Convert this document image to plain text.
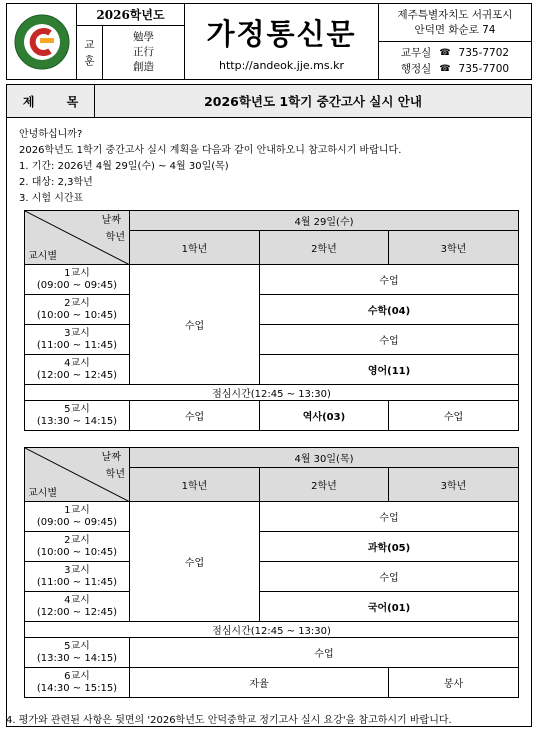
2026학년도
교
훈
勉學
正行
創造
가정통신문
http://andeok.jje.ms.kr
제주특별자치도 서귀포시
안덕면 화순로 74
교무실 ☎ 735-7702
행정실 ☎ 735-7700
제 목	2026학년도 1학기 중간고사 실시 안내
안녕하십니까?
2026학년도 1학기 중간고사 실시 계획을 다음과 같이 안내하오니 참고하시기 바랍니다.
1. 기간: 2026년 4월 29일(수) ~ 4월 30일(목)
2. 대상: 2,3학년
3. 시험 시간표
날짜
학년
교시별	4월 29일(수)		
	1학년	2학년	3학년

1교시
(09:00 ~ 09:45)	수업	수업	

2교시
(10:00 ~ 10:45)		수학(04)	

3교시
(11:00 ~ 11:45)		수업	

4교시
(12:00 ~ 12:45)		영어(11)	
점심시간(12:45 ~ 13:30)			

5교시
(13:30 ~ 14:15)	수업	역사(03)	수업
날짜
학년
교시별	4월 30일(목)		
	1학년	2학년	3학년

1교시
(09:00 ~ 09:45)	수업	수업	

2교시
(10:00 ~ 10:45)		과학(05)	

3교시
(11:00 ~ 11:45)		수업	

4교시
(12:00 ~ 12:45)		국어(01)	
점심시간(12:45 ~ 13:30)			

5교시
(13:30 ~ 14:15)	수업		

6교시
(14:30 ~ 15:15)	자율		봉사
4. 평가와 관련된 사항은 뒷면의 '2026학년도 안덕중학교 정기고사 실시 요강'을 참고하시기 바랍니다.
